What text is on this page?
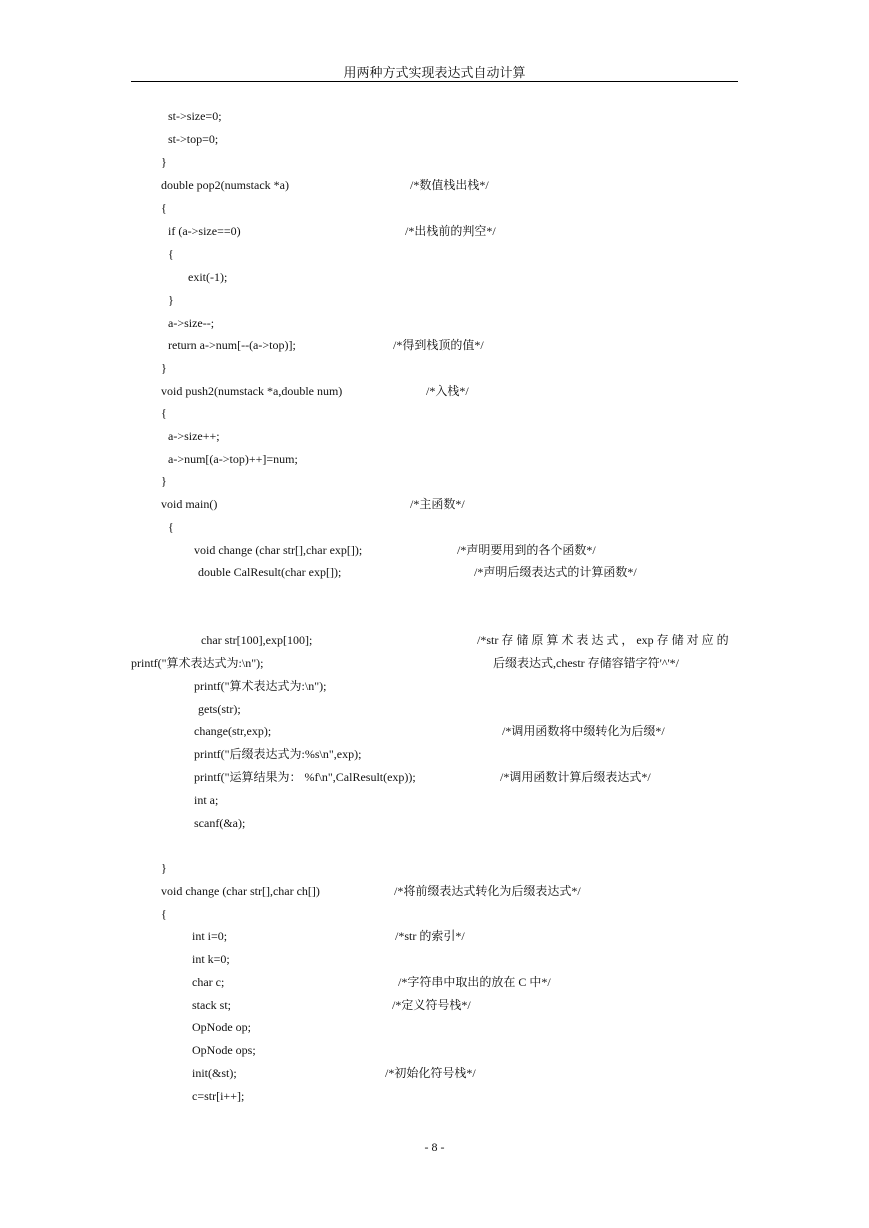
用两种方式实现表达式自动计算
st->size=0;
st->top=0;
}
double pop2(numstack *a)	/*数值栈出栈*/
{
if (a->size==0)	/*出栈前的判空*/
{
exit(-1);
}
a->size--;
return a->num[--(a->top)];	/*得到栈顶的值*/
}
void push2(numstack *a,double num)	/*入栈*/
{
a->size++;
a->num[(a->top)++]=num;
}
void main()	/*主函数*/
{
void change (char str[],char exp[]);	/*声明要用到的各个函数*/
double CalResult(char exp[]);	/*声明后缀表达式的计算函数*/
char str[100],exp[100];	/*str 存 储 原 算 术 表 达 式 ， exp 存 储 对 应 的
printf("算术表达式为:\n");	后缀表达式,chestr 存储容错字符'^'*/
printf("算术表达式为:\n");
gets(str);
change(str,exp);	/*调用函数将中缀转化为后缀*/
printf("后缀表达式为:%s\n",exp);
printf("运算结果为： %f\n",CalResult(exp));	/*调用函数计算后缀表达式*/
int a;
scanf(&a);
}
void change (char str[],char ch[])	/*将前缀表达式转化为后缀表达式*/
{
int i=0;	/*str 的索引*/
int k=0;
char c;	/*字符串中取出的放在 C 中*/
stack st;	/*定义符号栈*/
OpNode op;
OpNode ops;
init(&st);	/*初始化符号栈*/
c=str[i++];
- 8 -
